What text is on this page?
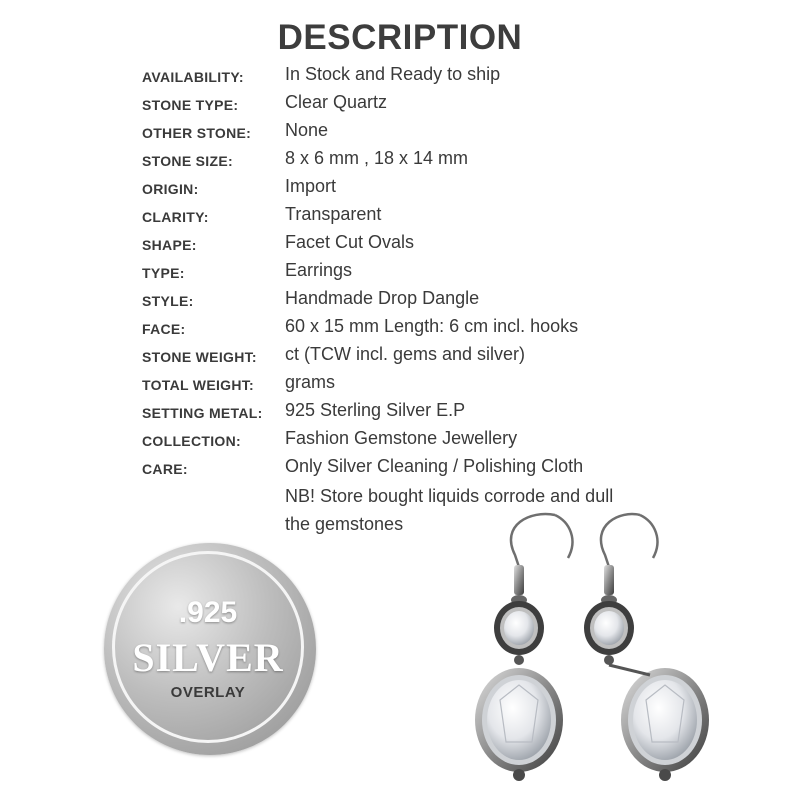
DESCRIPTION
AVAILABILITY: In Stock and Ready to ship
STONE TYPE:	Clear Quartz
OTHER STONE: None
STONE SIZE:	8 x 6 mm , 18 x 14 mm
ORIGIN:	Import
CLARITY:	Transparent
SHAPE:	Facet Cut Ovals
TYPE:	Earrings
STYLE:	Handmade Drop Dangle
FACE:	60 x 15 mm Length: 6 cm incl. hooks
STONE WEIGHT: ct (TCW incl. gems and silver)
TOTAL WEIGHT: grams
SETTING METAL: 925 Sterling Silver E.P
COLLECTION: Fashion Gemstone Jewellery
CARE:	Only Silver Cleaning / Polishing Cloth
NB! Store bought liquids corrode and dull
the gemstones
.925
SILVER
OVERLAY
